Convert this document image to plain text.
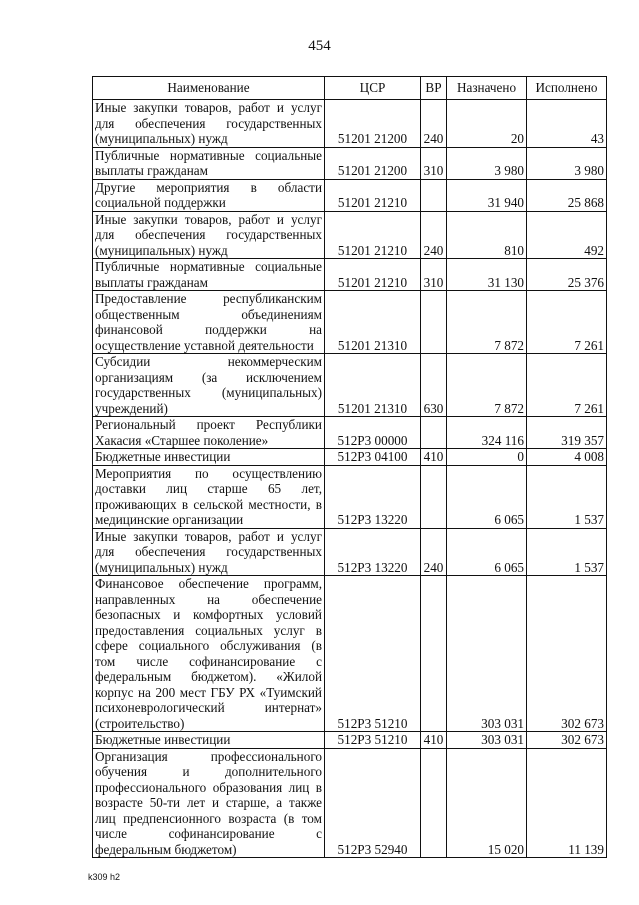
454
Наименование	ЦСР	ВР	Назначено	Исполнено
Иные закупки товаров, работ и услуг для обеспечения государственных (муниципальных) нужд	51201 21200	240	20	43
Публичные нормативные социальные выплаты гражданам	51201 21200	310	3 980	3 980
Другие мероприятия в области социальной поддержки	51201 21210		31 940	25 868
Иные закупки товаров, работ и услуг для обеспечения государственных (муниципальных) нужд	51201 21210	240	810	492
Публичные нормативные социальные выплаты гражданам	51201 21210	310	31 130	25 376
Предоставление республиканским общественным объединениям финансовой поддержки на осуществление уставной деятельности	51201 21310		7 872	7 261
Субсидии некоммерческим организациям (за исключением государственных (муниципальных) учреждений)	51201 21310	630	7 872	7 261
Региональный проект Республики Хакасия «Старшее поколение»	512P3 00000		324 116	319 357
Бюджетные инвестиции	512P3 04100	410	0	4 008
Мероприятия по осуществлению доставки лиц старше 65 лет, проживающих в сельской местности, в медицинские организации	512P3 13220		6 065	1 537
Иные закупки товаров, работ и услуг для обеспечения государственных (муниципальных) нужд	512P3 13220	240	6 065	1 537
Финансовое обеспечение программ, направленных на обеспечение безопасных и комфортных условий предоставления социальных услуг в сфере социального обслуживания (в том числе софинансирование с федеральным бюджетом). «Жилой корпус на 200 мест ГБУ РХ «Туимский психоневрологический интернат» (строительство)	512P3 51210		303 031	302 673
Бюджетные инвестиции	512P3 51210	410	303 031	302 673
Организация профессионального обучения и дополнительного профессионального образования лиц в возрасте 50-ти лет и старше, а также лиц предпенсионного возраста (в том числе софинансирование с федеральным бюджетом)	512P3 52940		15 020	11 139
k309 h2
